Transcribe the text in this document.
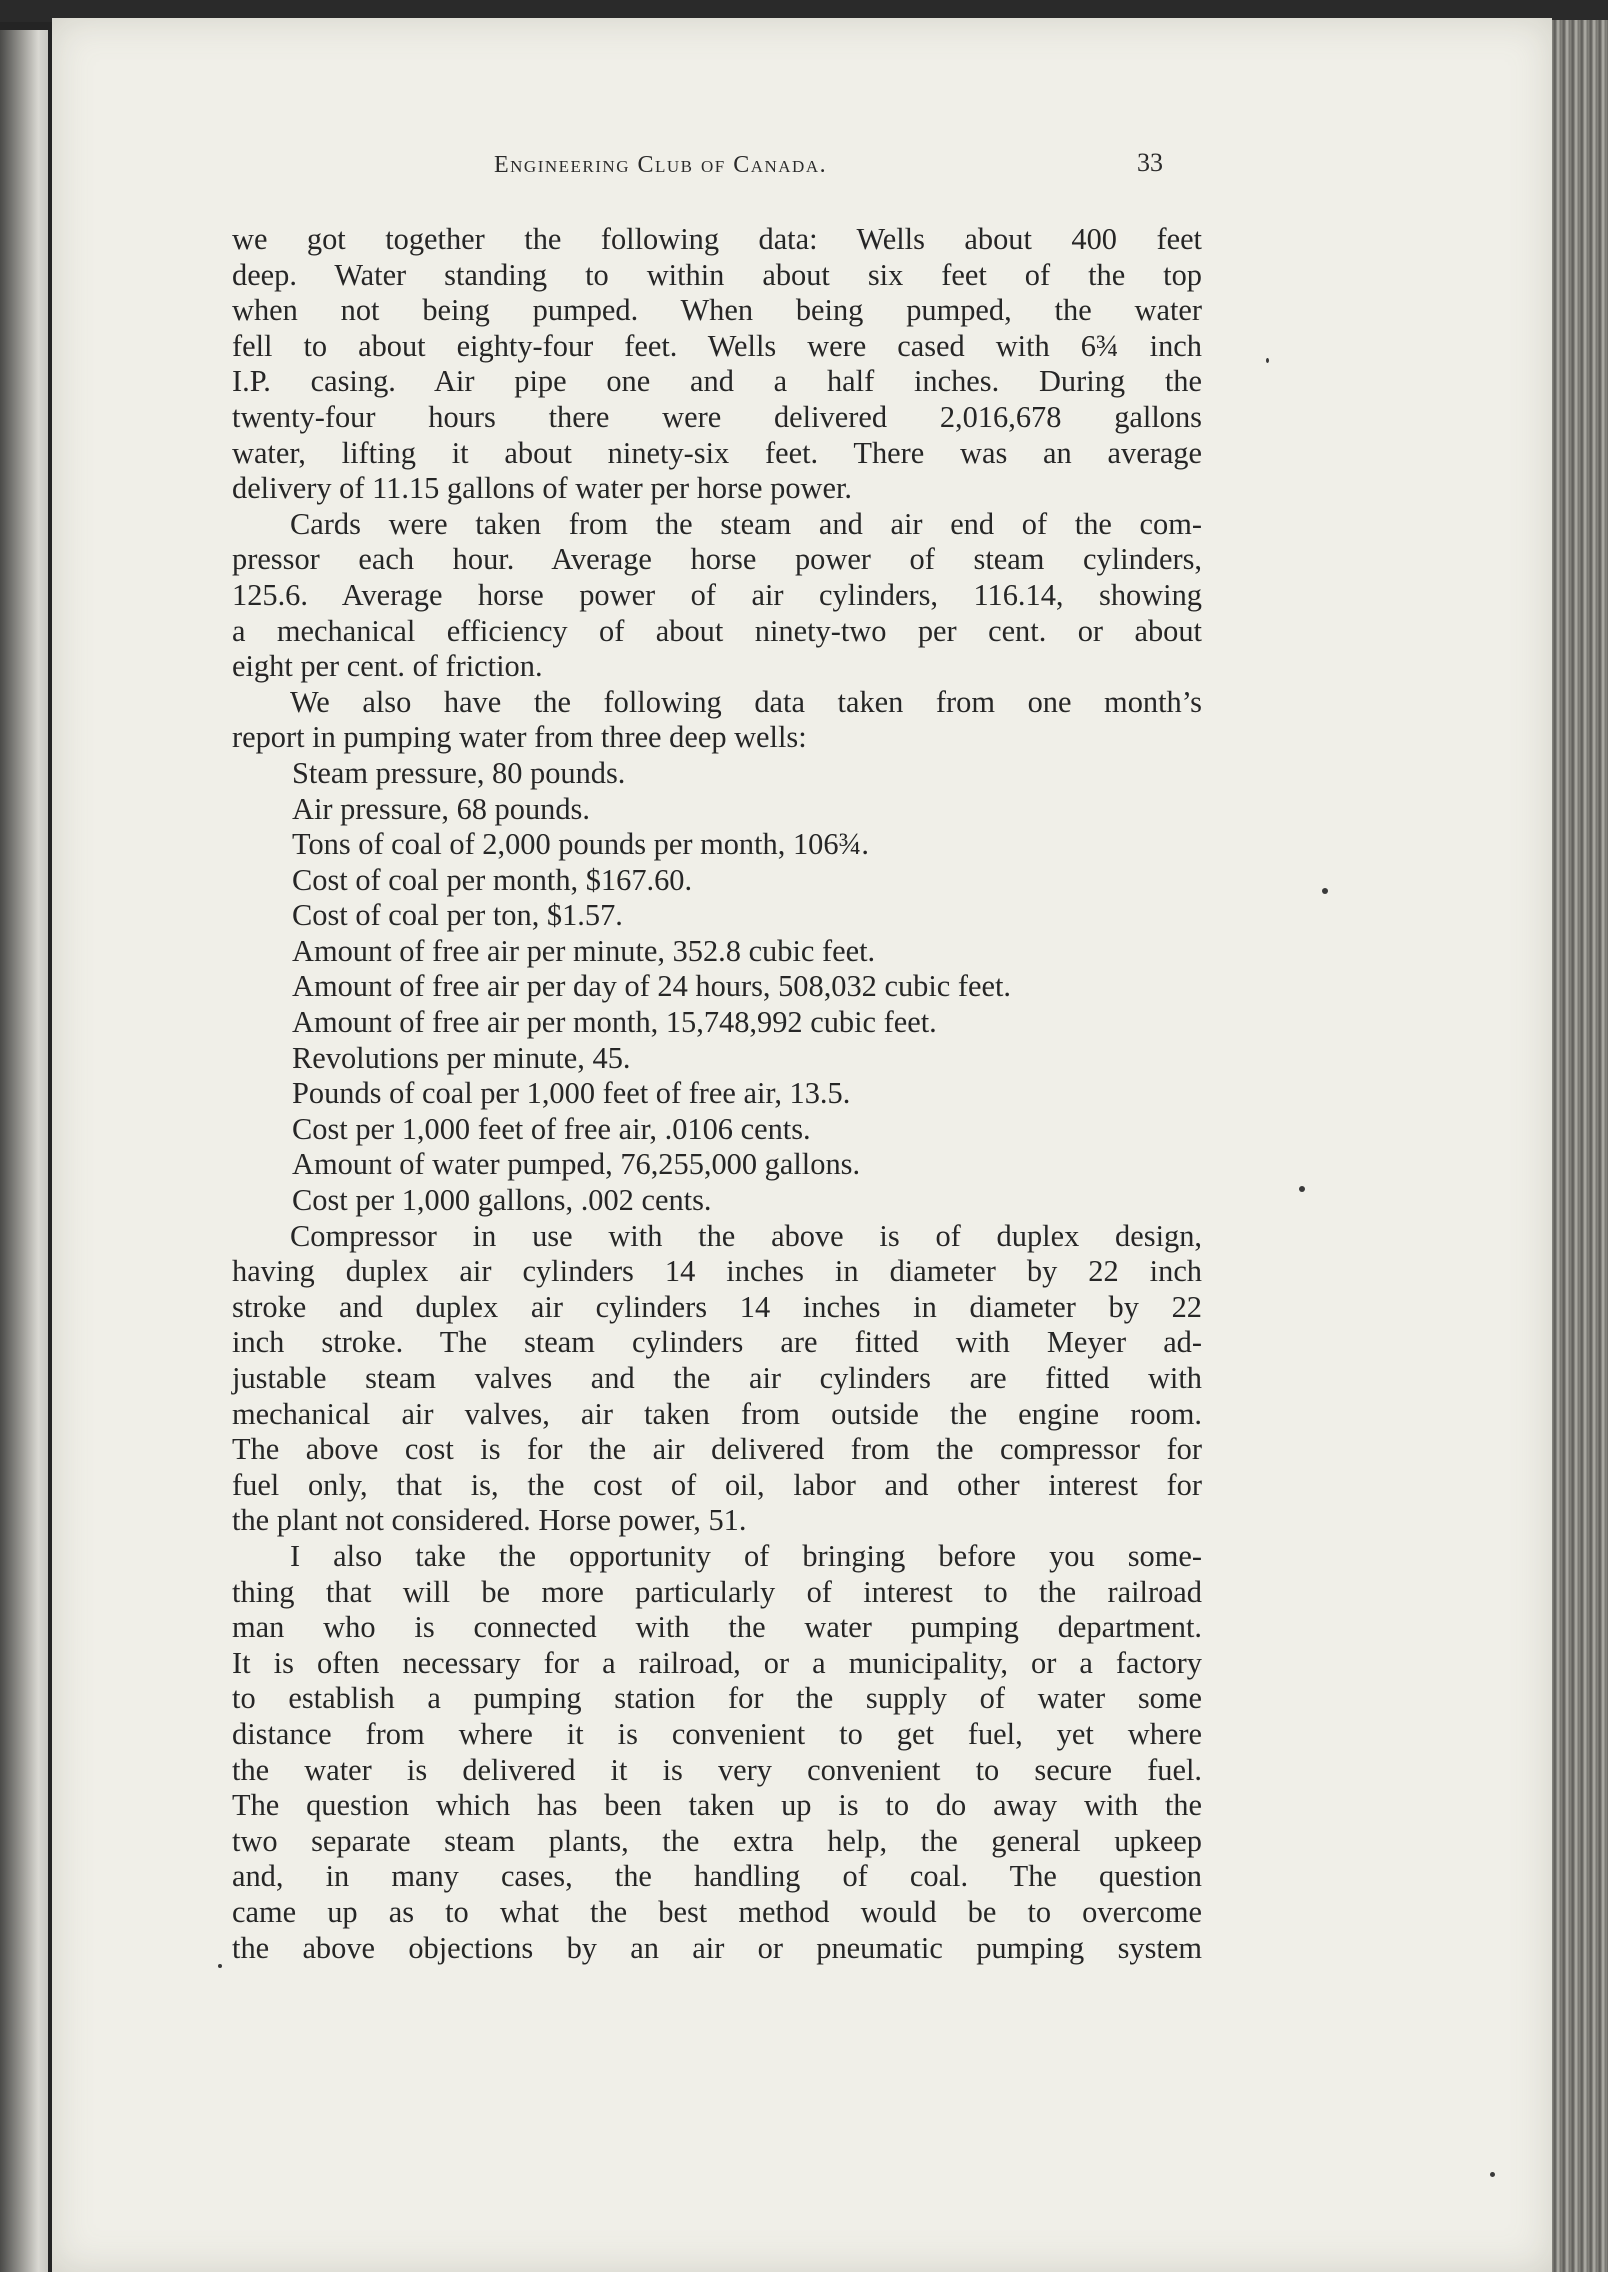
Engineering Club of Canada.	33
we got together the following data: Wells about 400 feet
deep. Water standing to within about six feet of the top
when not being pumped. When being pumped, the water
fell to about eighty-four feet. Wells were cased with 6¾ inch
I.P. casing. Air pipe one and a half inches. During the
twenty-four hours there were delivered 2,016,678 gallons
water, lifting it about ninety-six feet. There was an average
delivery of 11.15 gallons of water per horse power.
Cards were taken from the steam and air end of the com-
pressor each hour. Average horse power of steam cylinders,
125.6. Average horse power of air cylinders, 116.14, showing
a mechanical efficiency of about ninety-two per cent. or about
eight per cent. of friction.
We also have the following data taken from one month’s
report in pumping water from three deep wells:
Steam pressure, 80 pounds.
Air pressure, 68 pounds.
Tons of coal of 2,000 pounds per month, 106¾.
Cost of coal per month, $167.60.
Cost of coal per ton, $1.57.
Amount of free air per minute, 352.8 cubic feet.
Amount of free air per day of 24 hours, 508,032 cubic feet.
Amount of free air per month, 15,748,992 cubic feet.
Revolutions per minute, 45.
Pounds of coal per 1,000 feet of free air, 13.5.
Cost per 1,000 feet of free air, .0106 cents.
Amount of water pumped, 76,255,000 gallons.
Cost per 1,000 gallons, .002 cents.
Compressor in use with the above is of duplex design,
having duplex air cylinders 14 inches in diameter by 22 inch
stroke and duplex air cylinders 14 inches in diameter by 22
inch stroke. The steam cylinders are fitted with Meyer ad-
justable steam valves and the air cylinders are fitted with
mechanical air valves, air taken from outside the engine room.
The above cost is for the air delivered from the compressor for
fuel only, that is, the cost of oil, labor and other interest for
the plant not considered. Horse power, 51.
I also take the opportunity of bringing before you some-
thing that will be more particularly of interest to the railroad
man who is connected with the water pumping department.
It is often necessary for a railroad, or a municipality, or a factory
to establish a pumping station for the supply of water some
distance from where it is convenient to get fuel, yet where
the water is delivered it is very convenient to secure fuel.
The question which has been taken up is to do away with the
two separate steam plants, the extra help, the general upkeep
and, in many cases, the handling of coal. The question
came up as to what the best method would be to overcome
the above objections by an air or pneumatic pumping system
